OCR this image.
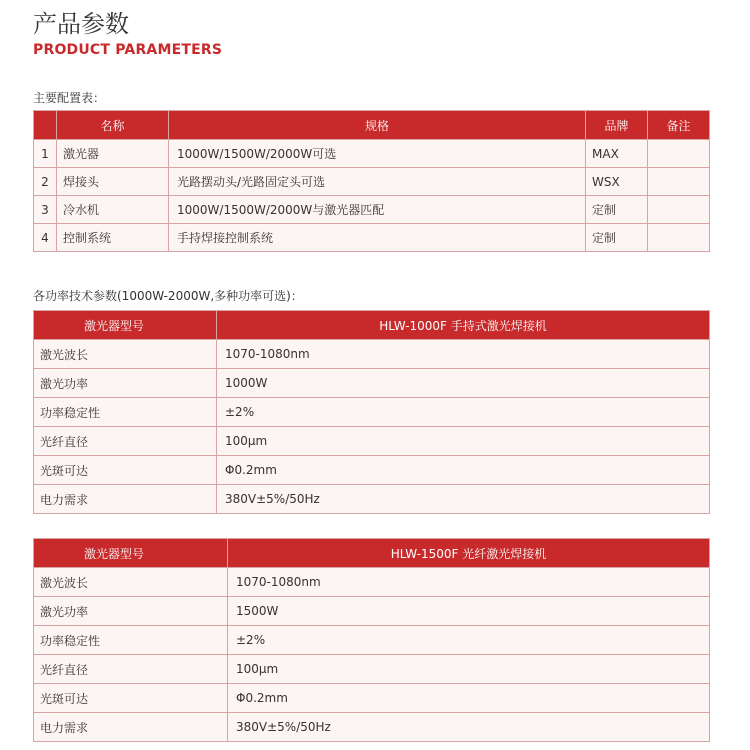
产品参数
PRODUCT PARAMETERS
主要配置表：
	名称	规格	品牌	备注
1	激光器	1000W/1500W/2000W可选	MAX	
2	焊接头	光路摆动头/光路固定头可选	WSX	
3	冷水机	1000W/1500W/2000W与激光器匹配	定制	
4	控制系统	手持焊接控制系统	定制	
各功率技术参数(1000W-2000W,多种功率可选)：
激光器型号	HLW-1000F 手持式激光焊接机
激光波长	1070-1080nm
激光功率	1000W
功率稳定性	±2%
光纤直径	100μm
光斑可达	Φ0.2mm
电力需求	380V±5%/50Hz
激光器型号	HLW-1500F 光纤激光焊接机
激光波长	1070-1080nm
激光功率	1500W
功率稳定性	±2%
光纤直径	100μm
光斑可达	Φ0.2mm
电力需求	380V±5%/50Hz
